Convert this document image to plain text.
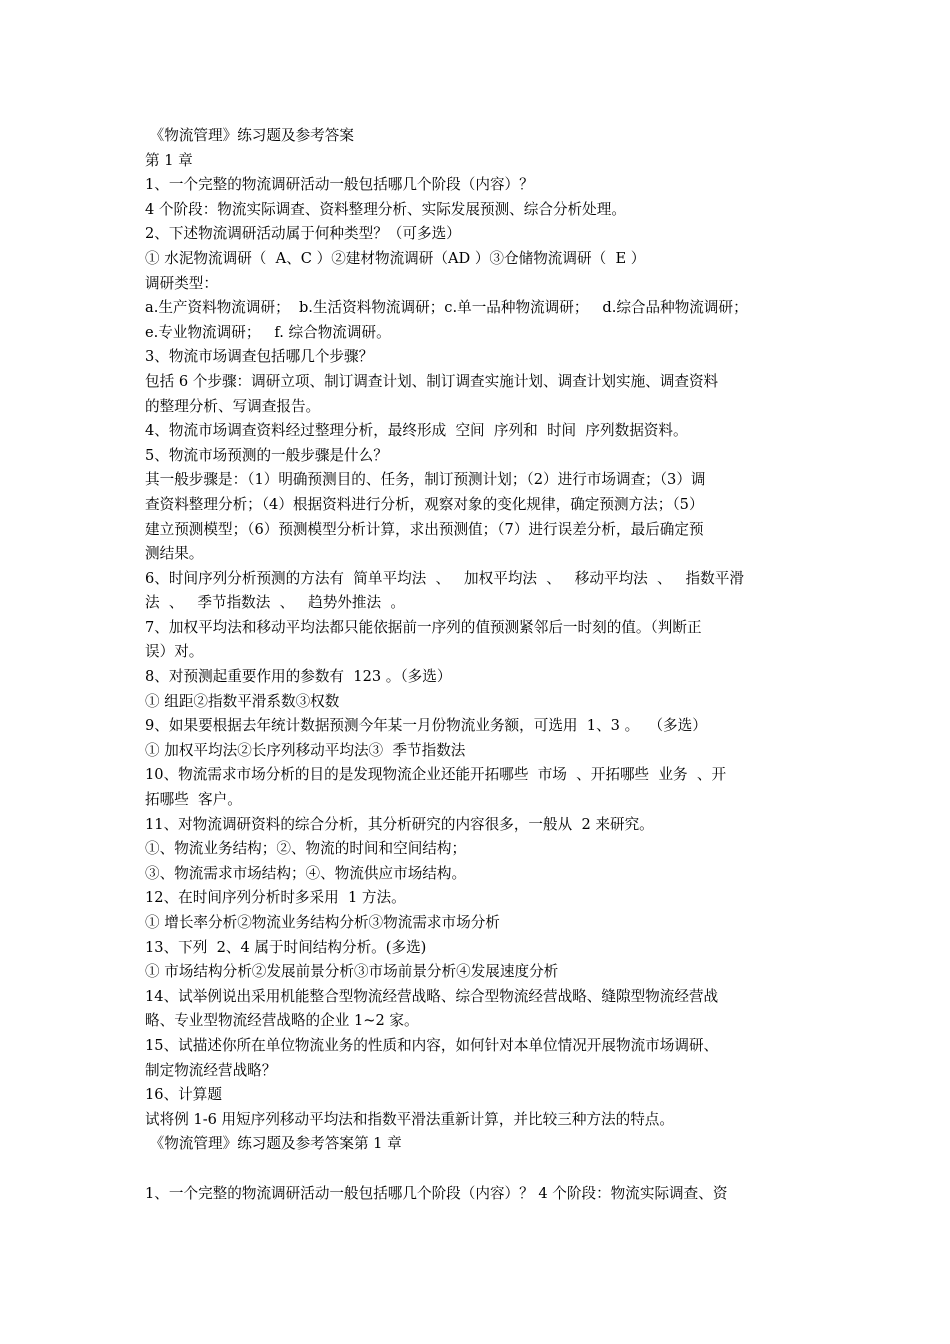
《物流管理》练习题及参考答案
第 1 章
1、一个完整的物流调研活动一般包括哪几个阶段（内容）？
4 个阶段：物流实际调查、资料整理分析、实际发展预测、综合分析处理。
2、下述物流调研活动属于何种类型？（可多选）
① 水泥物流调研（  A、C ）②建材物流调研（AD ）③仓储物流调研（  E ）
调研类型：
a.生产资料物流调研；  b.生活资料物流调研；c.单一品种物流调研；   d.综合品种物流调研；
e.专业物流调研；   f. 综合物流调研。
3、物流市场调查包括哪几个步骤？
包括 6 个步骤：调研立项、制订调查计划、制订调查实施计划、调查计划实施、调查资料
的整理分析、写调查报告。
4、物流市场调查资料经过整理分析，最终形成  空间  序列和  时间  序列数据资料。
5、物流市场预测的一般步骤是什么？
其一般步骤是：（1）明确预测目的、任务，制订预测计划；（2）进行市场调查；（3）调
查资料整理分析；（4）根据资料进行分析，观察对象的变化规律，确定预测方法；（5）
建立预测模型；（6）预测模型分析计算，求出预测值；（7）进行误差分析，最后确定预
测结果。
6、时间序列分析预测的方法有  简单平均法  、   加权平均法  、   移动平均法  、   指数平滑
法  、   季节指数法  、   趋势外推法  。
7、加权平均法和移动平均法都只能依据前一序列的值预测紧邻后一时刻的值。（判断正
误）对。
8、对预测起重要作用的参数有  123 。（多选）
① 组距②指数平滑系数③权数
9、如果要根据去年统计数据预测今年某一月份物流业务额，可选用  1、3 。  （多选）
① 加权平均法②长序列移动平均法③  季节指数法
10、物流需求市场分析的目的是发现物流企业还能开拓哪些  市场  、开拓哪些  业务  、开
拓哪些  客户。
11、对物流调研资料的综合分析，其分析研究的内容很多，一般从  2 来研究。
①、物流业务结构；②、物流的时间和空间结构；
③、物流需求市场结构；④、物流供应市场结构。
12、在时间序列分析时多采用  1 方法。
① 增长率分析②物流业务结构分析③物流需求市场分析
13、下列  2、4 属于时间结构分析。(多选)
① 市场结构分析②发展前景分析③市场前景分析④发展速度分析
14、试举例说出采用机能整合型物流经营战略、综合型物流经营战略、缝隙型物流经营战
略、专业型物流经营战略的企业 1~2 家。
15、试描述你所在单位物流业务的性质和内容，如何针对本单位情况开展物流市场调研、
制定物流经营战略？
16、计算题
试将例 1-6 用短序列移动平均法和指数平滑法重新计算，并比较三种方法的特点。
《物流管理》练习题及参考答案第 1 章
1、一个完整的物流调研活动一般包括哪几个阶段（内容）？ 4 个阶段：物流实际调查、资
